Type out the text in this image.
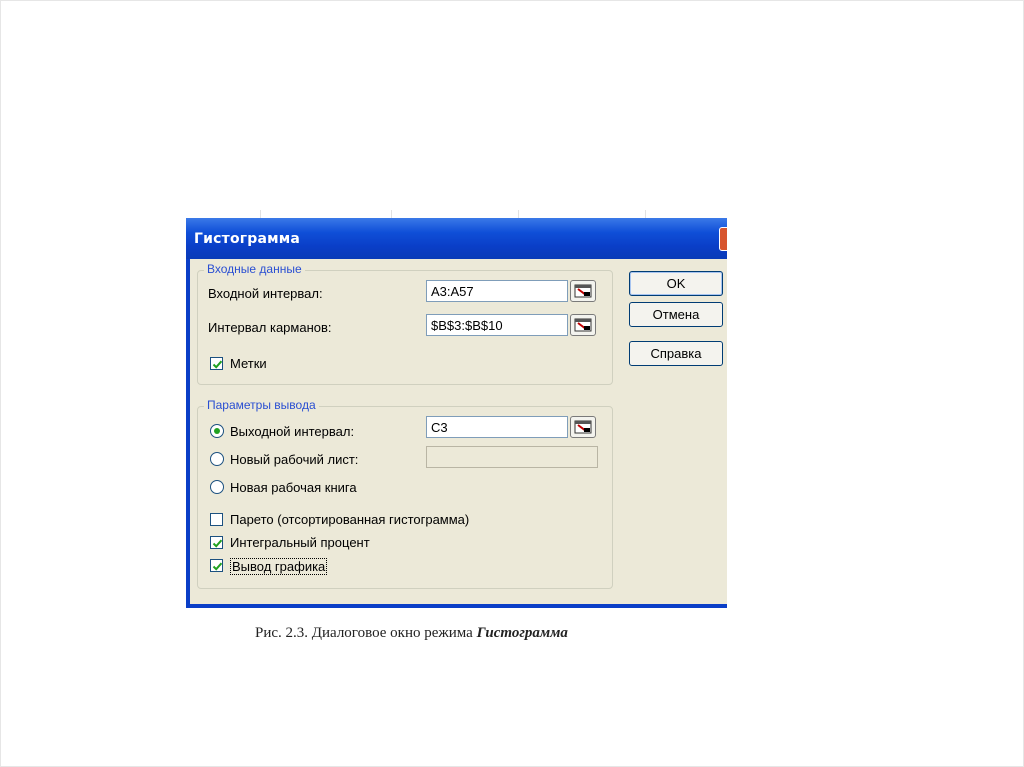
Гистограмма
Входные данные
Входной интервал:	A3:A57
Интервал карманов:	$B$3:$B$10
Метки
Параметры вывода
Выходной интервал:	C3
Новый рабочий лист:
Новая рабочая книга
Парето (отсортированная гистограмма)
Интегральный процент
Вывод графика
OK
Отмена
Справка
Рис. 2.3. Диалоговое окно режима Гистограмма
